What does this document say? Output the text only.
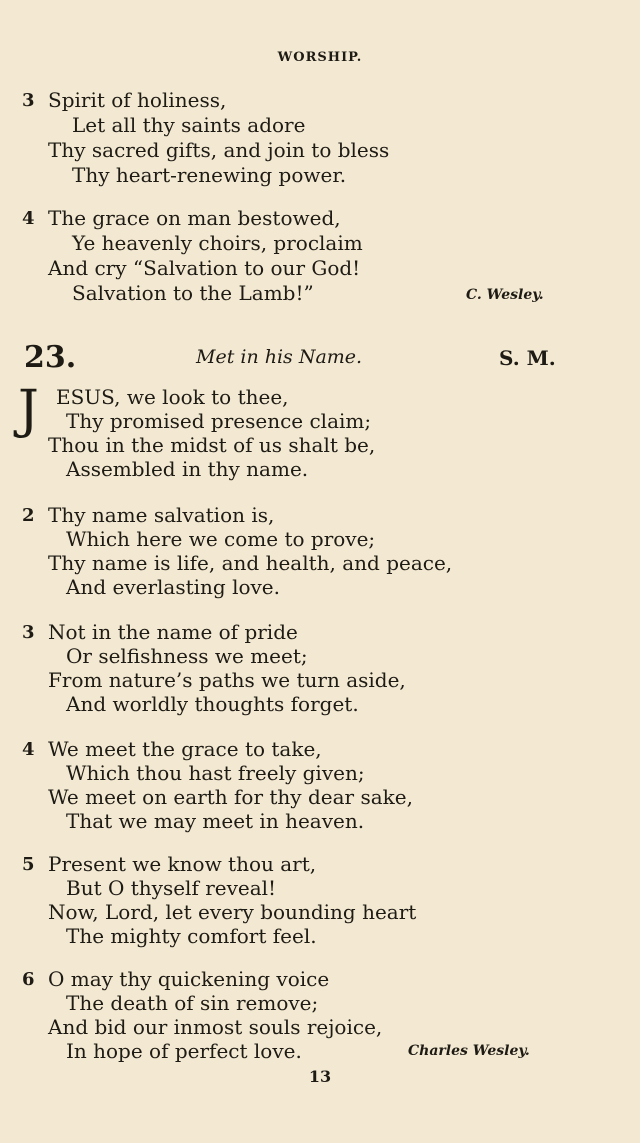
WORSHIP.
3 Spirit of holiness,
Let all thy saints adore
Thy sacred gifts, and join to bless
Thy heart-renewing power.
4 The grace on man bestowed,
Ye heavenly choirs, proclaim
And cry “Salvation to our God!
Salvation to the Lamb!”	C. Wesley.
23.	Met in his Name.	S. M.
J ESUS, we look to thee,
Thy promised presence claim;
Thou in the midst of us shalt be,
Assembled in thy name.
2 Thy name salvation is,
Which here we come to prove;
Thy name is life, and health, and peace,
And everlasting love.
3 Not in the name of pride
Or selfishness we meet;
From nature’s paths we turn aside,
And worldly thoughts forget.
4 We meet the grace to take,
Which thou hast freely given;
We meet on earth for thy dear sake,
That we may meet in heaven.
5 Present we know thou art,
But O thyself reveal!
Now, Lord, let every bounding heart
The mighty comfort feel.
6 O may thy quickening voice
The death of sin remove;
And bid our inmost souls rejoice,
In hope of perfect love.	Charles Wesley.
13
